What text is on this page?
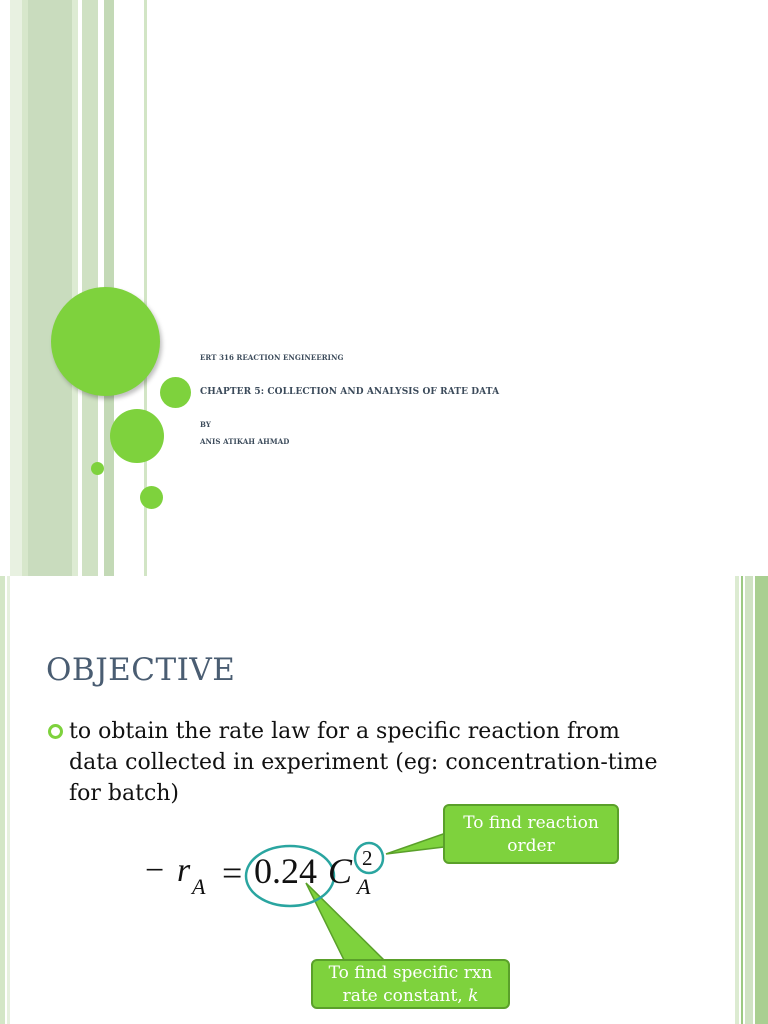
ERT 316 REACTION ENGINEERING
CHAPTER 5: COLLECTION AND ANALYSIS OF RATE DATA
BY
ANIS ATIKAH AHMAD
OBJECTIVE
to obtain the rate law for a specific reaction from data collected in experiment (eg: concentration-time for batch)
− r A = 0.24 C A
2
To find reaction order
To find specific rxn rate constant, k
